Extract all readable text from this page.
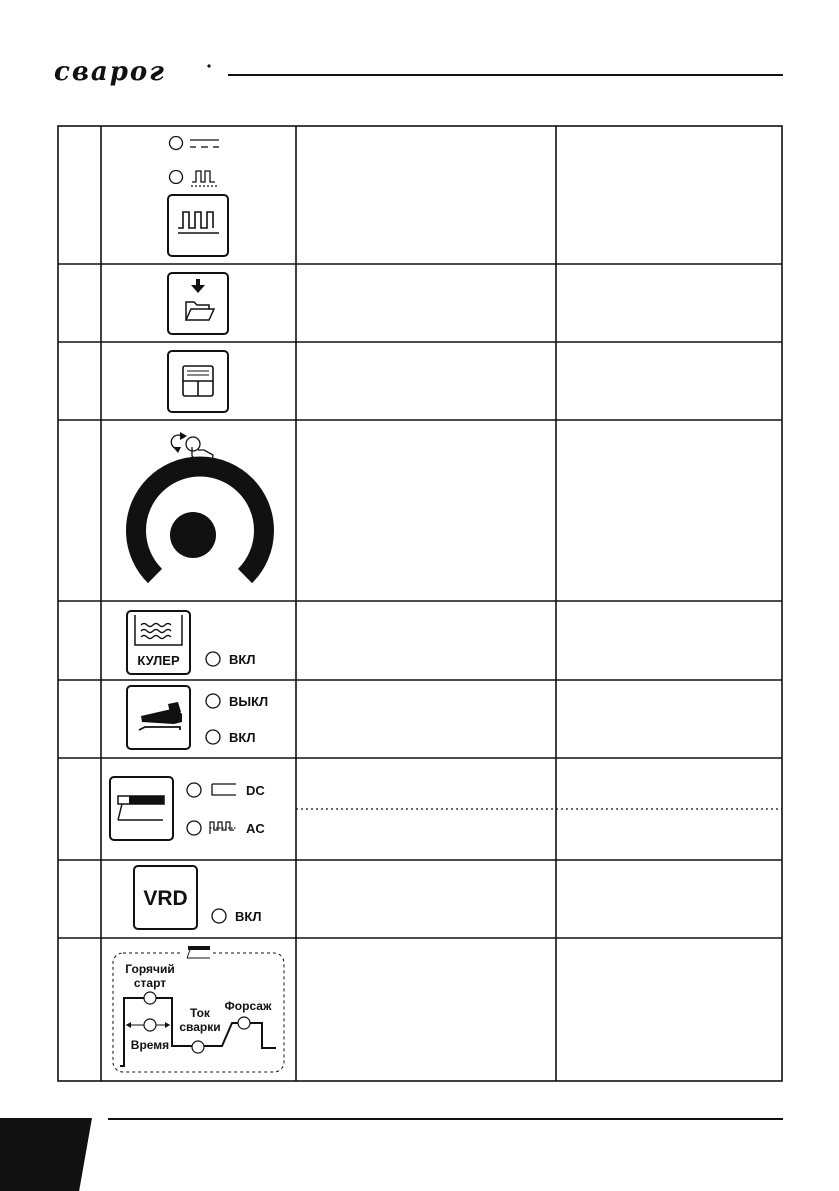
сварог
КУЛЕР	ВКЛ
ВЫКЛ
ВКЛ
DC
AC
VRD
ВКЛ
Горячий
старт
Время
Ток
сварки
Форсаж
